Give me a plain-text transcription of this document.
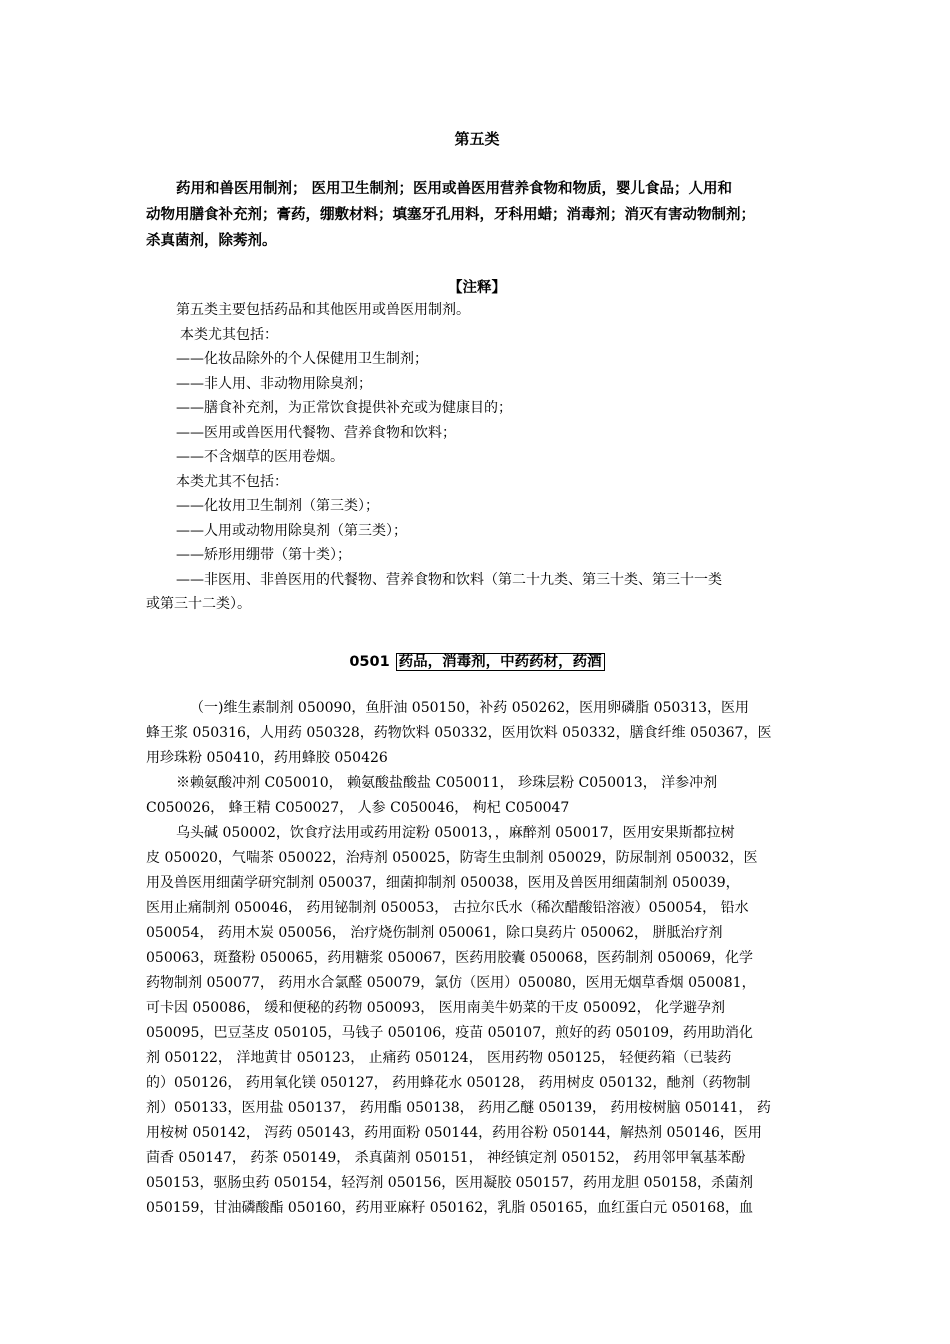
第五类
药用和兽医用制剂； 医用卫生制剂；医用或兽医用营养食物和物质，婴儿食品；人用和
动物用膳食补充剂；膏药，绷敷材料；填塞牙孔用料，牙科用蜡；消毒剂；消灭有害动物制剂；
杀真菌剂，除莠剂。
【注释】
第五类主要包括药品和其他医用或兽医用制剂。
本类尤其包括：
——化妆品除外的个人保健用卫生制剂；
——非人用、非动物用除臭剂；
——膳食补充剂，为正常饮食提供补充或为健康目的；
——医用或兽医用代餐物、营养食物和饮料；
——不含烟草的医用卷烟。
本类尤其不包括：
——化妆用卫生制剂（第三类）；
——人用或动物用除臭剂（第三类）；
——矫形用绷带（第十类）；
——非医用、非兽医用的代餐物、营养食物和饮料（第二十九类、第三十类、第三十一类
或第三十二类）。
0501 药品，消毒剂，中药药材，药酒
（一)维生素制剂 050090，鱼肝油 050150，补药 050262，医用卵磷脂 050313，医用
蜂王浆 050316，人用药 050328，药物饮料 050332，医用饮料 050332，膳食纤维 050367，医
用珍珠粉 050410，药用蜂胶 050426
※赖氨酸冲剂 C050010， 赖氨酸盐酸盐 C050011， 珍珠层粉 C050013， 洋参冲剂
C050026， 蜂王精 C050027， 人参 C050046， 枸杞 C050047
乌头碱 050002，饮食疗法用或药用淀粉 050013，，麻醉剂 050017，医用安果斯都拉树
皮 050020，气喘茶 050022，治痔剂 050025，防寄生虫制剂 050029，防尿制剂 050032，医
用及兽医用细菌学研究制剂 050037，细菌抑制剂 050038，医用及兽医用细菌制剂 050039，
医用止痛制剂 050046， 药用铋制剂 050053， 古拉尔氏水（稀次醋酸铅溶液）050054， 铅水
050054， 药用木炭 050056， 治疗烧伤制剂 050061，除口臭药片 050062， 胼胝治疗剂
050063，斑蝥粉 050065，药用糖浆 050067，医药用胶囊 050068，医药制剂 050069，化学
药物制剂 050077， 药用水合氯醛 050079，氯仿（医用）050080，医用无烟草香烟 050081，
可卡因 050086， 缓和便秘的药物 050093， 医用南美牛奶菜的干皮 050092， 化学避孕剂
050095，巴豆茎皮 050105，马钱子 050106，疫苗 050107，煎好的药 050109，药用助消化
剂 050122， 洋地黄甘 050123， 止痛药 050124， 医用药物 050125， 轻便药箱（已装药
的）050126， 药用氧化镁 050127， 药用蜂花水 050128， 药用树皮 050132，酏剂（药物制
剂）050133，医用盐 050137， 药用酯 050138， 药用乙醚 050139， 药用桉树脑 050141， 药
用桉树 050142， 泻药 050143，药用面粉 050144，药用谷粉 050144，解热剂 050146，医用
茴香 050147， 药茶 050149， 杀真菌剂 050151， 神经镇定剂 050152， 药用邻甲氧基苯酚
050153，驱肠虫药 050154，轻泻剂 050156，医用凝胶 050157，药用龙胆 050158，杀菌剂
050159，甘油磷酸酯 050160，药用亚麻籽 050162，乳脂 050165，血红蛋白元 050168，血
